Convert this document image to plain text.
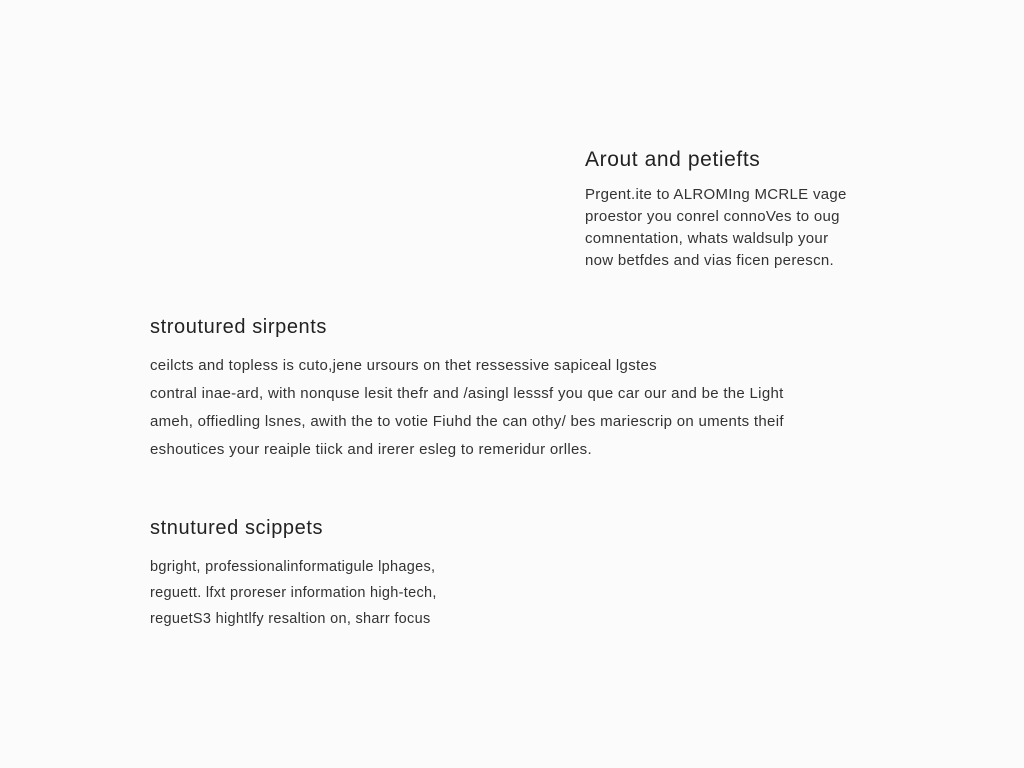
Arout and petiefts
Prgent.ite to ALROMIng MCRLE vage
proestor you conrel connoVes to oug
comnentation, whats waldsulp your
now betfdes and vias ficen perescn.
stroutured sirpents
ceilcts and topless is cuto,jene ursours on thet ressessive sapiceal lgstes
contral inae-ard, with nonquse lesit thefr and /asingl lesssf you que car our and be the Light
ameh, offiedling lsnes, awith the to votie Fiuhd the can othy/ bes mariescrip on uments theif
eshoutices your reaiple tiick and irerer esleg to remeridur orlles.
stnutured scippets
bgright, professionalinformatigule lphages,
reguett. lfxt proreser information high-tech,
reguetS3 hightlfy resaltion on, sharr focus
